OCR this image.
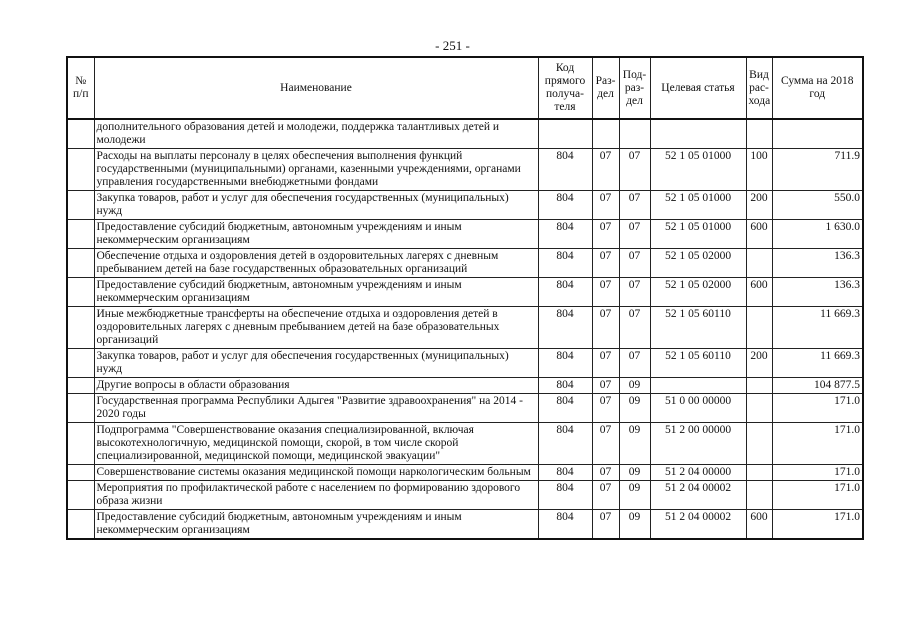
- 251 -
№ п/п	Наименование	Код прямого получа-теля	Раз-дел	Под-раз-дел	Целевая статья	Вид рас-хода	Сумма на 2018 год
	дополнительного образования детей и молодежи, поддержка талантливых детей и молодежи						
	Расходы на выплаты персоналу в целях обеспечения выполнения функций государственными (муниципальными) органами, казенными учреждениями, органами управления государственными внебюджетными фондами	804	07	07	52 1 05 01000	100	711.9
	Закупка товаров, работ и услуг для обеспечения государственных (муниципальных) нужд	804	07	07	52 1 05 01000	200	550.0
	Предоставление субсидий бюджетным, автономным учреждениям и иным некоммерческим организациям	804	07	07	52 1 05 01000	600	1 630.0
	Обеспечение отдыха и оздоровления детей в оздоровительных лагерях с дневным пребыванием детей на базе государственных образовательных организаций	804	07	07	52 1 05 02000		136.3
	Предоставление субсидий бюджетным, автономным учреждениям и иным некоммерческим организациям	804	07	07	52 1 05 02000	600	136.3
	Иные межбюджетные трансферты на обеспечение отдыха и оздоровления детей в оздоровительных лагерях с дневным пребыванием детей на базе образовательных организаций	804	07	07	52 1 05 60110		11 669.3
	Закупка товаров, работ и услуг для обеспечения государственных (муниципальных) нужд	804	07	07	52 1 05 60110	200	11 669.3
	Другие вопросы в области образования	804	07	09			104 877.5
	Государственная программа Республики Адыгея "Развитие здравоохранения" на 2014 - 2020 годы	804	07	09	51 0 00 00000		171.0
	Подпрограмма "Совершенствование оказания специализированной, включая высокотехнологичную, медицинской помощи, скорой, в том числе скорой специализированной, медицинской помощи, медицинской эвакуации"	804	07	09	51 2 00 00000		171.0
	Совершенствование системы оказания медицинской помощи наркологическим больным	804	07	09	51 2 04 00000		171.0
	Мероприятия по профилактической работе с населением по формированию здорового образа жизни	804	07	09	51 2 04 00002		171.0
	Предоставление субсидий бюджетным, автономным учреждениям и иным некоммерческим организациям	804	07	09	51 2 04 00002	600	171.0
